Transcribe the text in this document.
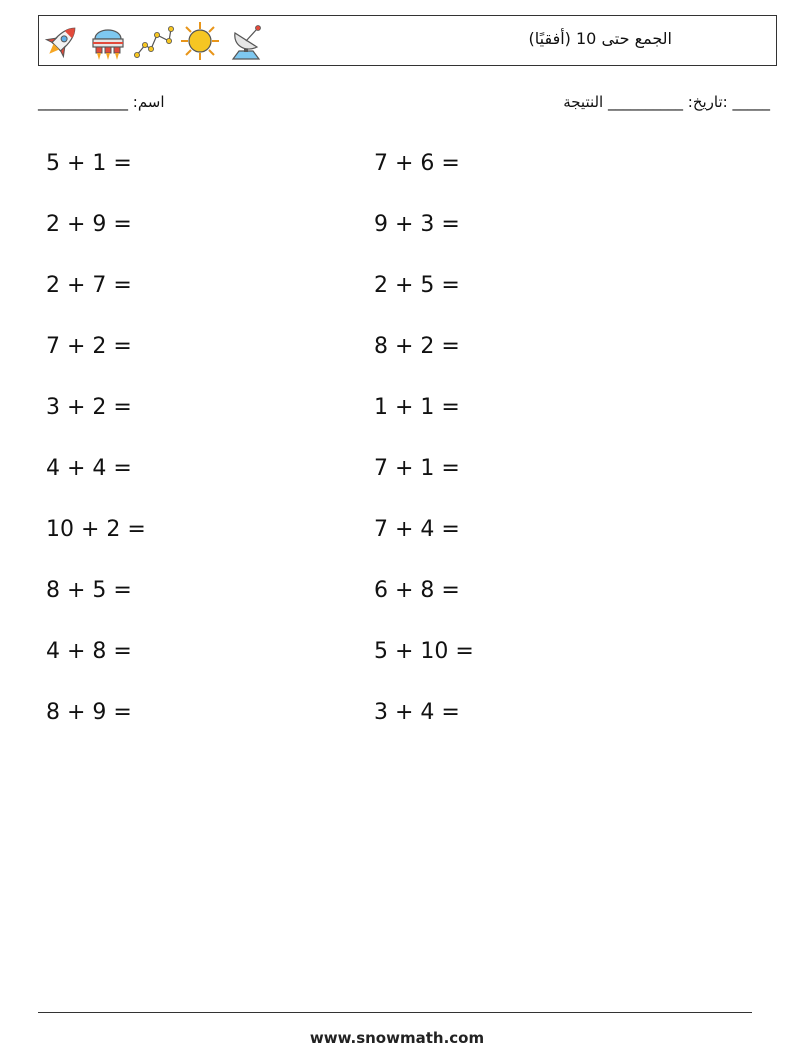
الجمع حتى 10 (أفقيًا)
_____ :تاريخ: __________ النتيجة
اسم: ____________
5 + 1 =
2 + 9 =
2 + 7 =
7 + 2 =
3 + 2 =
4 + 4 =
10 + 2 =
8 + 5 =
4 + 8 =
8 + 9 =
7 + 6 =
9 + 3 =
2 + 5 =
8 + 2 =
1 + 1 =
7 + 1 =
7 + 4 =
6 + 8 =
5 + 10 =
3 + 4 =
www.snowmath.com
